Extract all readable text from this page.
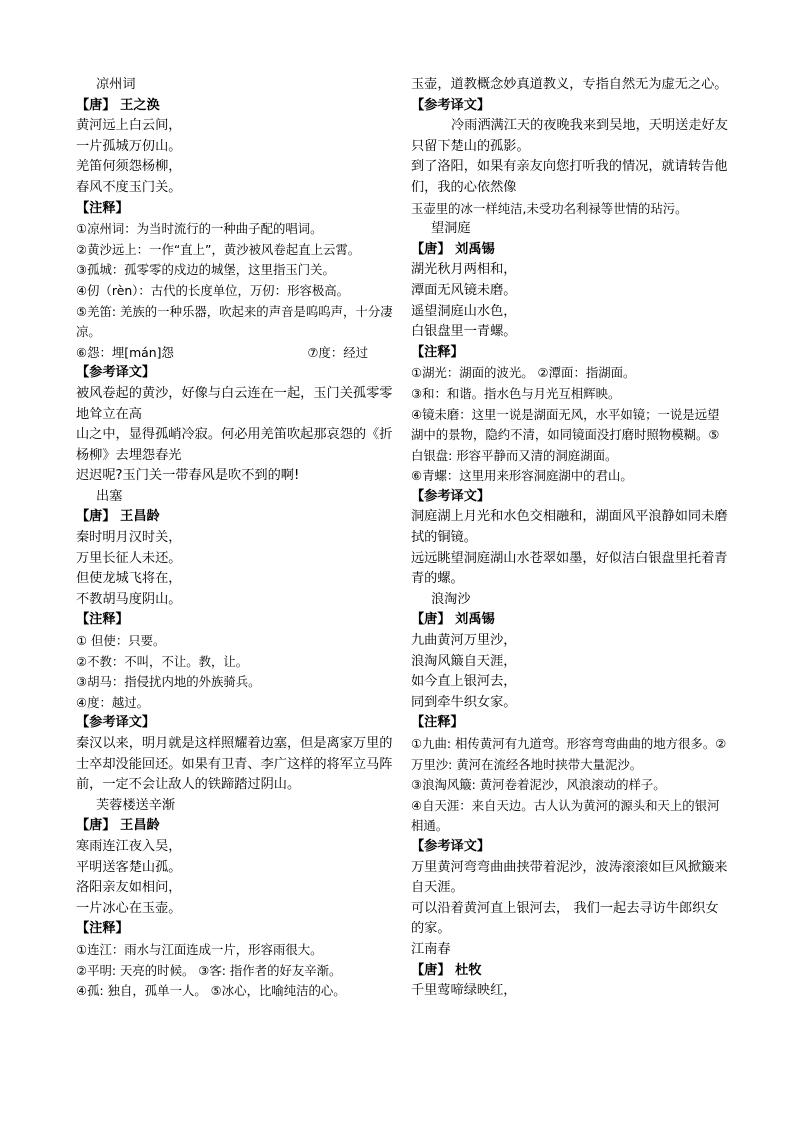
凉州词

【唐】 王之涣

黄河远上白云间，

一片孤城万仞山。

羌笛何须怨杨柳，

春风不度玉门关。

【注释】

①凉州词：为当时流行的一种曲子配的唱词。

②黄沙远上：一作“直上”，黄沙被风卷起直上云霄。

③孤城：孤零零的戍边的城堡，这里指玉门关。

④仞（rèn）：古代的长度单位，万仞：形容极高。

⑤羌笛: 羌族的一种乐器，吹起来的声音是呜呜声，十分凄凉。

⑥怨：埋[mán]怨	⑦度：经过

【参考译文】

被风卷起的黄沙，好像与白云连在一起，玉门关孤零零地耸立在高

山之中，显得孤峭冷寂。何必用羌笛吹起那哀怨的《折杨柳》去埋怨春光

迟迟呢?玉门关一带春风是吹不到的啊!

出塞

【唐】 王昌龄

秦时明月汉时关，

万里长征人未还。

但使龙城飞将在，

不教胡马度阴山。

【注释】

① 但使：只要。

②不教：不叫，不让。教，让。

③胡马：指侵扰内地的外族骑兵。

④度：越过。

【参考译文】

秦汉以来，明月就是这样照耀着边塞，但是离家万里的士卒却没能回还。如果有卫青、李广这样的将军立马阵前，一定不会让敌人的铁蹄踏过阴山。

芙蓉楼送辛渐

【唐】 王昌龄

寒雨连江夜入吴，

平明送客楚山孤。

洛阳亲友如相问，

一片冰心在玉壶。

【注释】

①连江：雨水与江面连成一片，形容雨很大。

②平明: 天亮的时候。 ③客: 指作者的好友辛渐。

④孤: 独自，孤单一人。 ⑤冰心，比喻纯洁的心。

玉壶，道教概念妙真道教义，专指自然无为虚无之心。

【参考译文】

冷雨洒满江天的夜晚我来到吴地，天明送走好友只留下楚山的孤影。

到了洛阳，如果有亲友向您打听我的情况，就请转告他们，我的心依然像

玉壶里的冰一样纯洁,未受功名利禄等世情的玷污。

望洞庭

【唐】 刘禹锡

湖光秋月两相和，

潭面无风镜未磨。

遥望洞庭山水色，

白银盘里一青螺。

【注释】

①湖光：湖面的波光。 ②潭面：指湖面。

③和：和谐。指水色与月光互相辉映。

④镜未磨：这里一说是湖面无风，水平如镜；一说是远望湖中的景物，隐约不清，如同镜面没打磨时照物模糊。⑤白银盘: 形容平静而又清的洞庭湖面。

⑥青螺：这里用来形容洞庭湖中的君山。

【参考译文】

洞庭湖上月光和水色交相融和，湖面风平浪静如同未磨拭的铜镜。

远远眺望洞庭湖山水苍翠如墨，好似洁白银盘里托着青青的螺。

浪淘沙

【唐】 刘禹锡

九曲黄河万里沙，

浪淘风簸自天涯，

如今直上银河去，

同到牵牛织女家。

【注释】

①九曲: 相传黄河有九道弯。形容弯弯曲曲的地方很多。②万里沙: 黄河在流经各地时挟带大量泥沙。

③浪淘风簸: 黄河卷着泥沙，风浪滚动的样子。

④自天涯：来自天边。古人认为黄河的源头和天上的银河相通。

【参考译文】

万里黄河弯弯曲曲挟带着泥沙，波涛滚滚如巨风掀簸来自天涯。

可以沿着黄河直上银河去， 我们一起去寻访牛郎织女的家。

江南春

【唐】 杜牧

千里莺啼绿映红，
